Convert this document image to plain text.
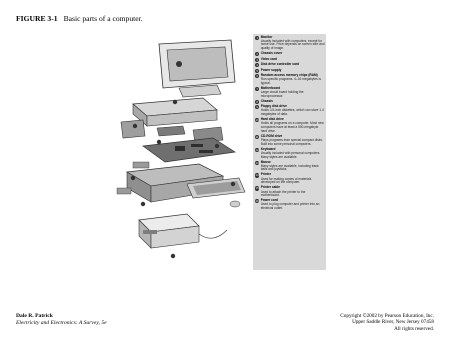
FIGURE 3-1 Basic parts of a computer.
1 Monitor
Usually included with computers, except for home use. Price depends on screen size and quality of image.
2 Chassis cover
3 Video card
4 Disk drive controller card
5 Power supply
6 Random access memory chips (RAM)
Run specific programs. 4–16 megabytes is typical.
7 Motherboard
Large circuit board holding the microprocessor.
8 Chassis
9 Floppy disk drive
Holds 3.5-inch diskettes, which can store 1.4 megabytes of data.
10 Hard disk drive
Holds all programs on a computer. Most new computers have at least a 500-megabyte hard drive.
11 CD-ROM drive
Plays programs from special compact disks. Built into some personal computers.
12 Keyboard
Usually included with personal computers. Many styles are available.
13 Mouse
Many styles are available, including track balls and joysticks.
14 Printer
Used for making copies of materials developed on the computer.
15 Printer cable
Used to attach the printer to the motherboard.
16 Power cord
Used to plug computer and printer into an electrical outlet.
Dale R. Patrick
Electricity and Electronics: A Survey, 5e
Copyright ©2002 by Pearson Education, Inc.
Upper Saddle River, New Jersey 07458
All rights reserved.
